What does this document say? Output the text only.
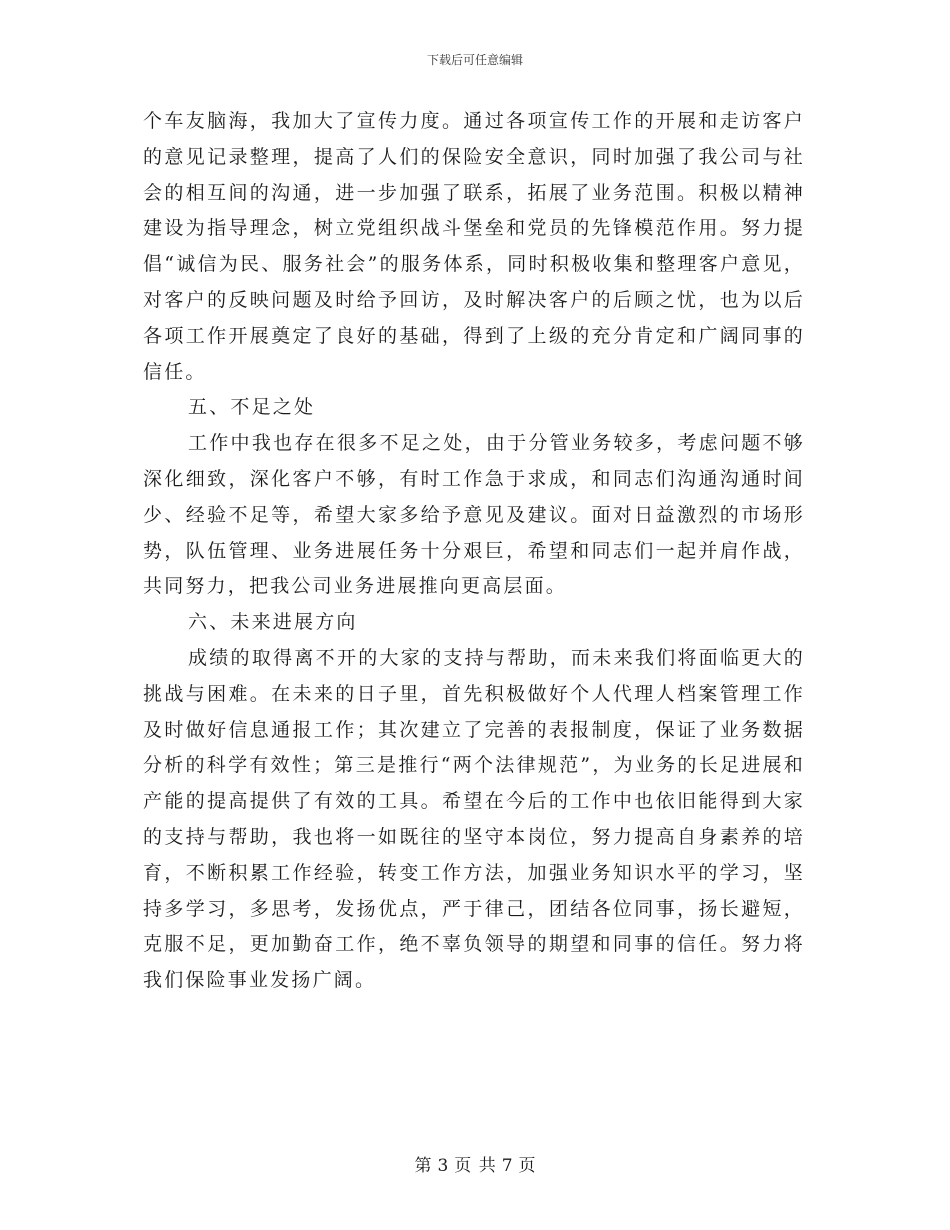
下载后可任意编辑

个车友脑海，我加大了宣传力度。通过各项宣传工作的开展和走访客户的意见记录整理，提高了人们的保险安全意识，同时加强了我公司与社会的相互间的沟通，进一步加强了联系，拓展了业务范围。积极以精神建设为指导理念，树立党组织战斗堡垒和党员的先锋模范作用。努力提倡“诚信为民、服务社会”的服务体系，同时积极收集和整理客户意见，对客户的反映问题及时给予回访，及时解决客户的后顾之忧，也为以后各项工作开展奠定了良好的基础，得到了上级的充分肯定和广阔同事的信任。

五、不足之处

工作中我也存在很多不足之处，由于分管业务较多，考虑问题不够深化细致，深化客户不够，有时工作急于求成，和同志们沟通沟通时间少、经验不足等，希望大家多给予意见及建议。面对日益激烈的市场形势，队伍管理、业务进展任务十分艰巨，希望和同志们一起并肩作战，共同努力，把我公司业务进展推向更高层面。

六、未来进展方向

成绩的取得离不开的大家的支持与帮助，而未来我们将面临更大的挑战与困难。在未来的日子里，首先积极做好个人代理人档案管理工作及时做好信息通报工作；其次建立了完善的表报制度，保证了业务数据分析的科学有效性；第三是推行“两个法律规范”，为业务的长足进展和产能的提高提供了有效的工具。希望在今后的工作中也依旧能得到大家的支持与帮助，我也将一如既往的坚守本岗位，努力提高自身素养的培育，不断积累工作经验，转变工作方法，加强业务知识水平的学习，坚持多学习，多思考，发扬优点，严于律己，团结各位同事，扬长避短，克服不足，更加勤奋工作，绝不辜负领导的期望和同事的信任。努力将我们保险事业发扬广阔。

第 3 页 共 7 页
